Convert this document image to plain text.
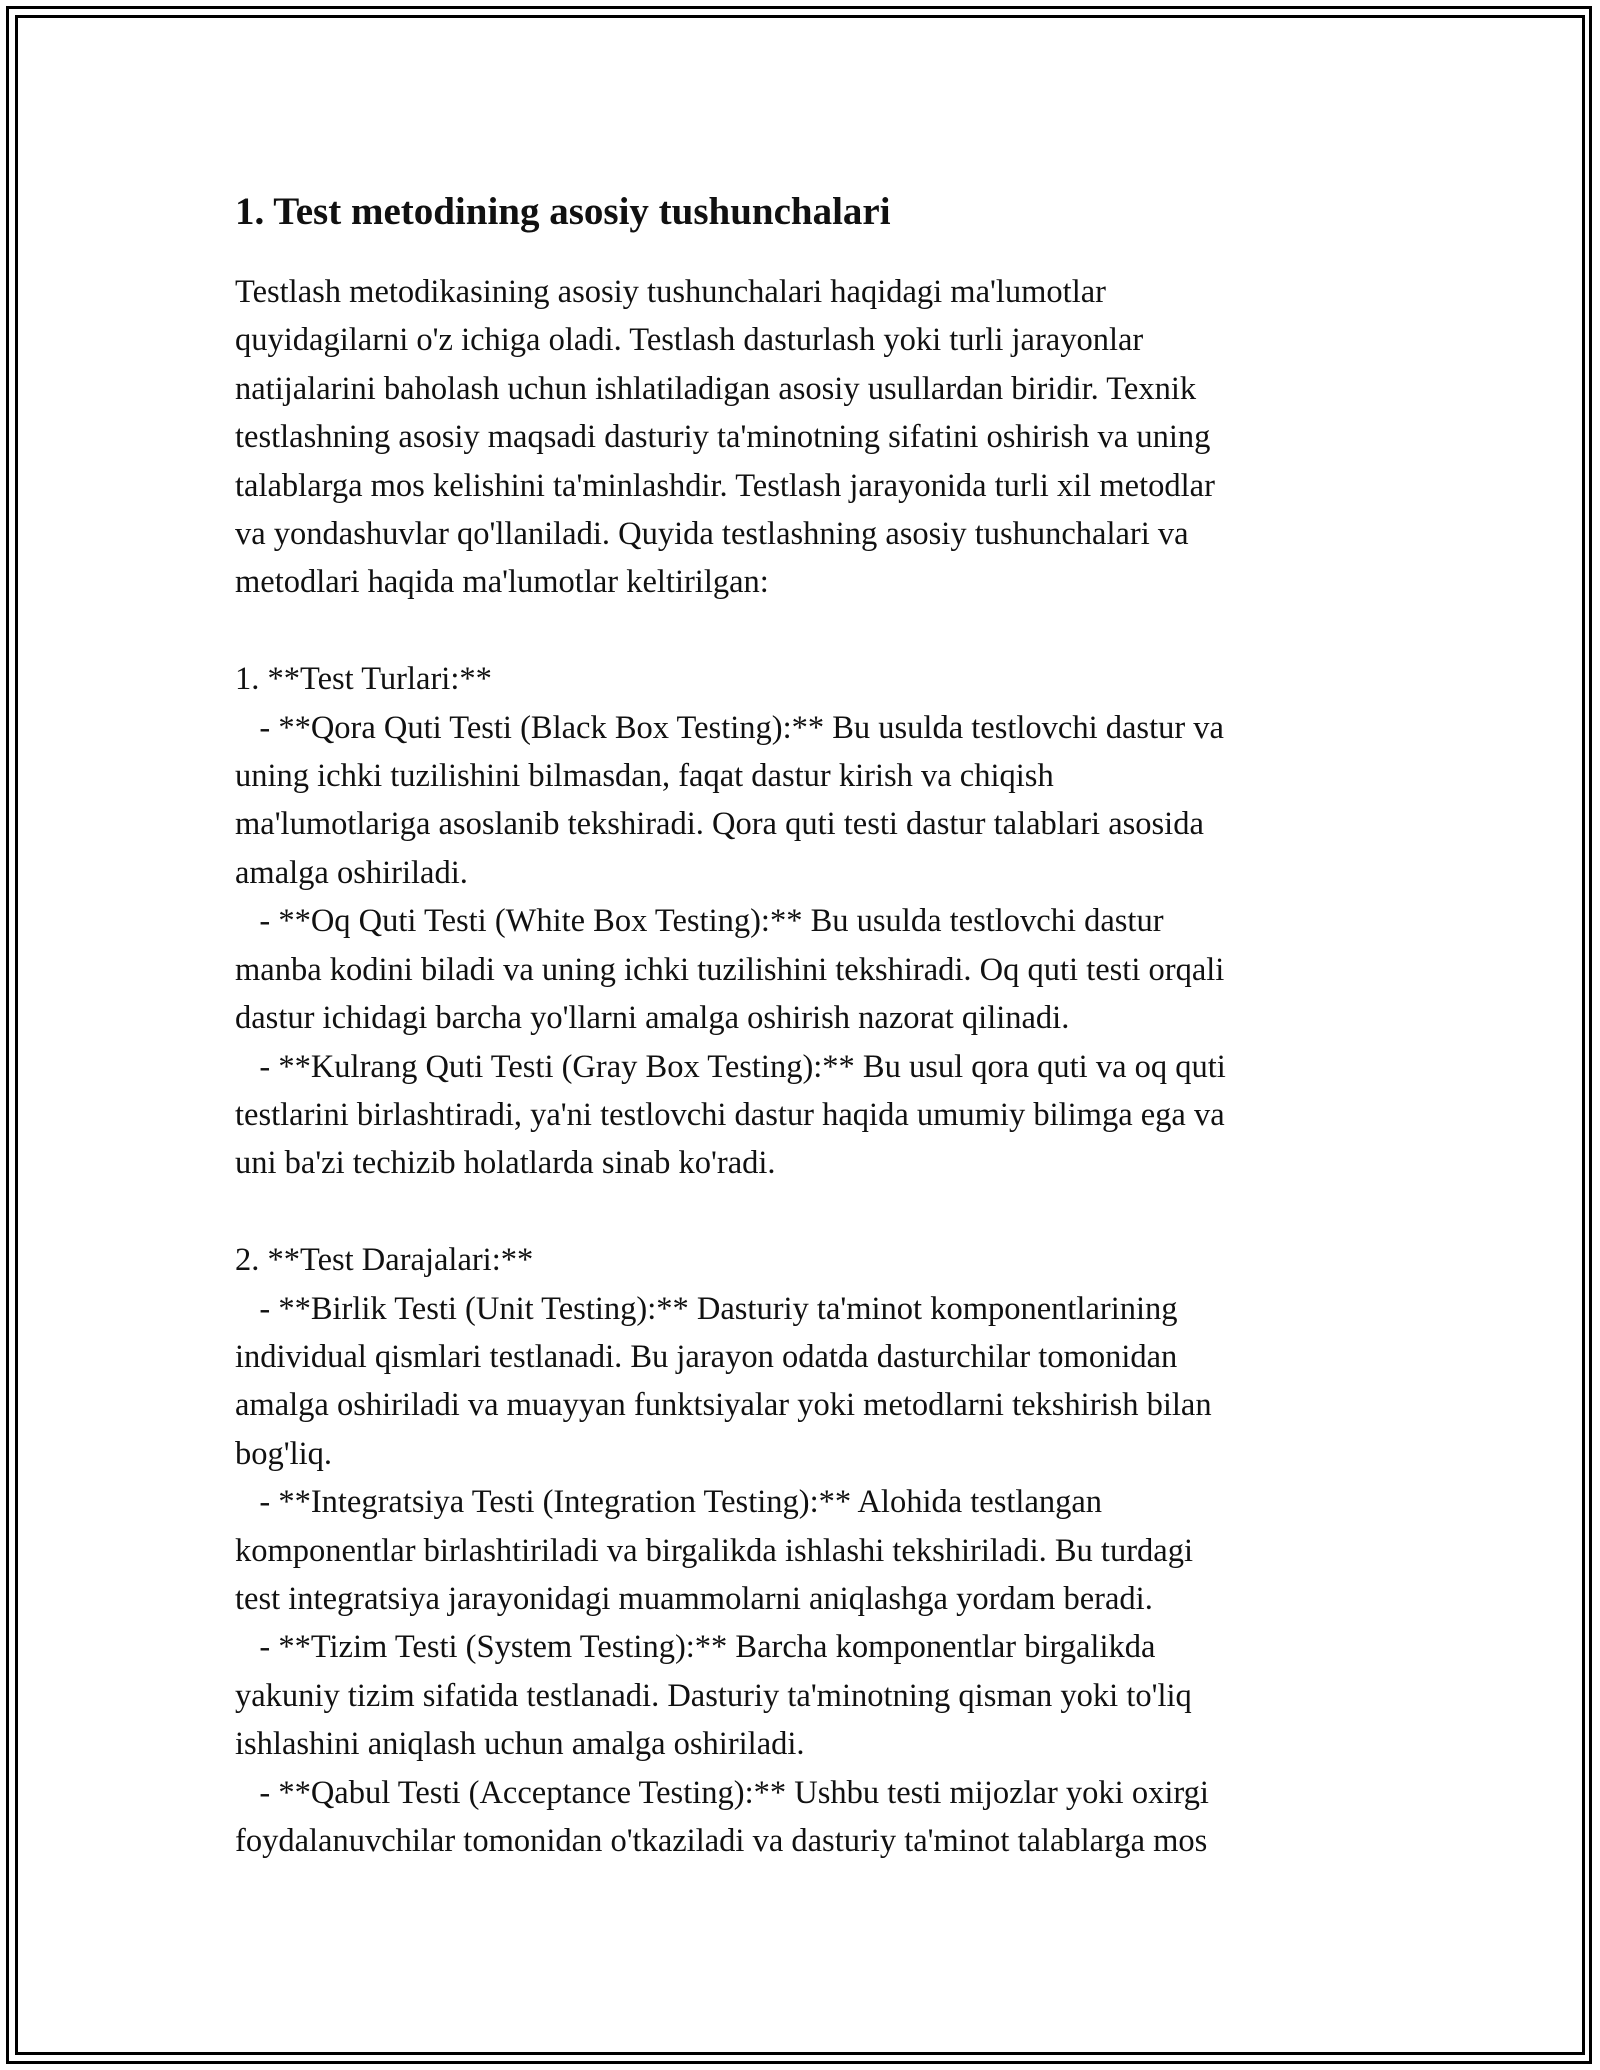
1. Test metodining asosiy tushunchalari

Testlash metodikasining asosiy tushunchalari haqidagi ma'lumotlar
quyidagilarni o'z ichiga oladi. Testlash dasturlash yoki turli jarayonlar
natijalarini baholash uchun ishlatiladigan asosiy usullardan biridir. Texnik
testlashning asosiy maqsadi dasturiy ta'minotning sifatini oshirish va uning
talablarga mos kelishini ta'minlashdir. Testlash jarayonida turli xil metodlar
va yondashuvlar qo'llaniladi. Quyida testlashning asosiy tushunchalari va
metodlari haqida ma'lumotlar keltirilgan:

1. **Test Turlari:**
- **Qora Quti Testi (Black Box Testing):** Bu usulda testlovchi dastur va
uning ichki tuzilishini bilmasdan, faqat dastur kirish va chiqish
ma'lumotlariga asoslanib tekshiradi. Qora quti testi dastur talablari asosida
amalga oshiriladi.
- **Oq Quti Testi (White Box Testing):** Bu usulda testlovchi dastur
manba kodini biladi va uning ichki tuzilishini tekshiradi. Oq quti testi orqali
dastur ichidagi barcha yo'llarni amalga oshirish nazorat qilinadi.
- **Kulrang Quti Testi (Gray Box Testing):** Bu usul qora quti va oq quti
testlarini birlashtiradi, ya'ni testlovchi dastur haqida umumiy bilimga ega va
uni ba'zi techizib holatlarda sinab ko'radi.

2. **Test Darajalari:**
- **Birlik Testi (Unit Testing):** Dasturiy ta'minot komponentlarining
individual qismlari testlanadi. Bu jarayon odatda dasturchilar tomonidan
amalga oshiriladi va muayyan funktsiyalar yoki metodlarni tekshirish bilan
bog'liq.
- **Integratsiya Testi (Integration Testing):** Alohida testlangan
komponentlar birlashtiriladi va birgalikda ishlashi tekshiriladi. Bu turdagi
test integratsiya jarayonidagi muammolarni aniqlashga yordam beradi.
- **Tizim Testi (System Testing):** Barcha komponentlar birgalikda
yakuniy tizim sifatida testlanadi. Dasturiy ta'minotning qisman yoki to'liq
ishlashini aniqlash uchun amalga oshiriladi.
- **Qabul Testi (Acceptance Testing):** Ushbu testi mijozlar yoki oxirgi
foydalanuvchilar tomonidan o'tkaziladi va dasturiy ta'minot talablarga mos
